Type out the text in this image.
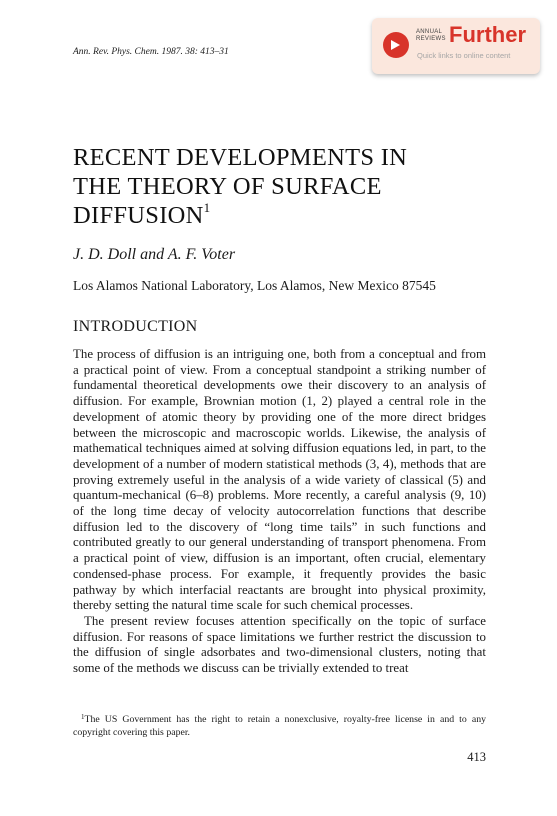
Ann. Rev. Phys. Chem. 1987. 38: 413–31
ANNUAL
REVIEWS Further
Quick links to online content
RECENT DEVELOPMENTS IN
THE THEORY OF SURFACE
DIFFUSION$^1$
J. D. Doll and A. F. Voter
Los Alamos National Laboratory, Los Alamos, New Mexico 87545
INTRODUCTION

The process of diffusion is an intriguing one, both from a conceptual and from a practical point of view. From a conceptual standpoint a striking number of fundamental theoretical developments owe their discovery to an analysis of diffusion. For example, Brownian motion (1, 2) played a central role in the development of atomic theory by providing one of the more direct bridges between the microscopic and macroscopic worlds. Likewise, the analysis of mathematical techniques aimed at solving diffusion equations led, in part, to the development of a number of modern statistical methods (3, 4), methods that are proving extremely useful in the analysis of a wide variety of classical (5) and quantum-mechanical (6–8) problems. More recently, a careful analysis (9, 10) of the long time decay of velocity autocorrelation functions that describe diffusion led to the discovery of “long time tails” in such functions and contributed greatly to our general understanding of transport phenomena. From a practical point of view, diffusion is an important, often crucial, elementary condensed-phase process. For example, it frequently provides the basic pathway by which interfacial reactants are brought into physical proximity, thereby setting the natural time scale for such chemical processes.

The present review focuses attention specifically on the topic of surface diffusion. For reasons of space limitations we further restrict the discussion to the diffusion of single adsorbates and two-dimensional clusters, noting that some of the methods we discuss can be trivially extended to treat

$^1$The US Government has the right to retain a nonexclusive, royalty-free license in and to any copyright covering this paper.
413
